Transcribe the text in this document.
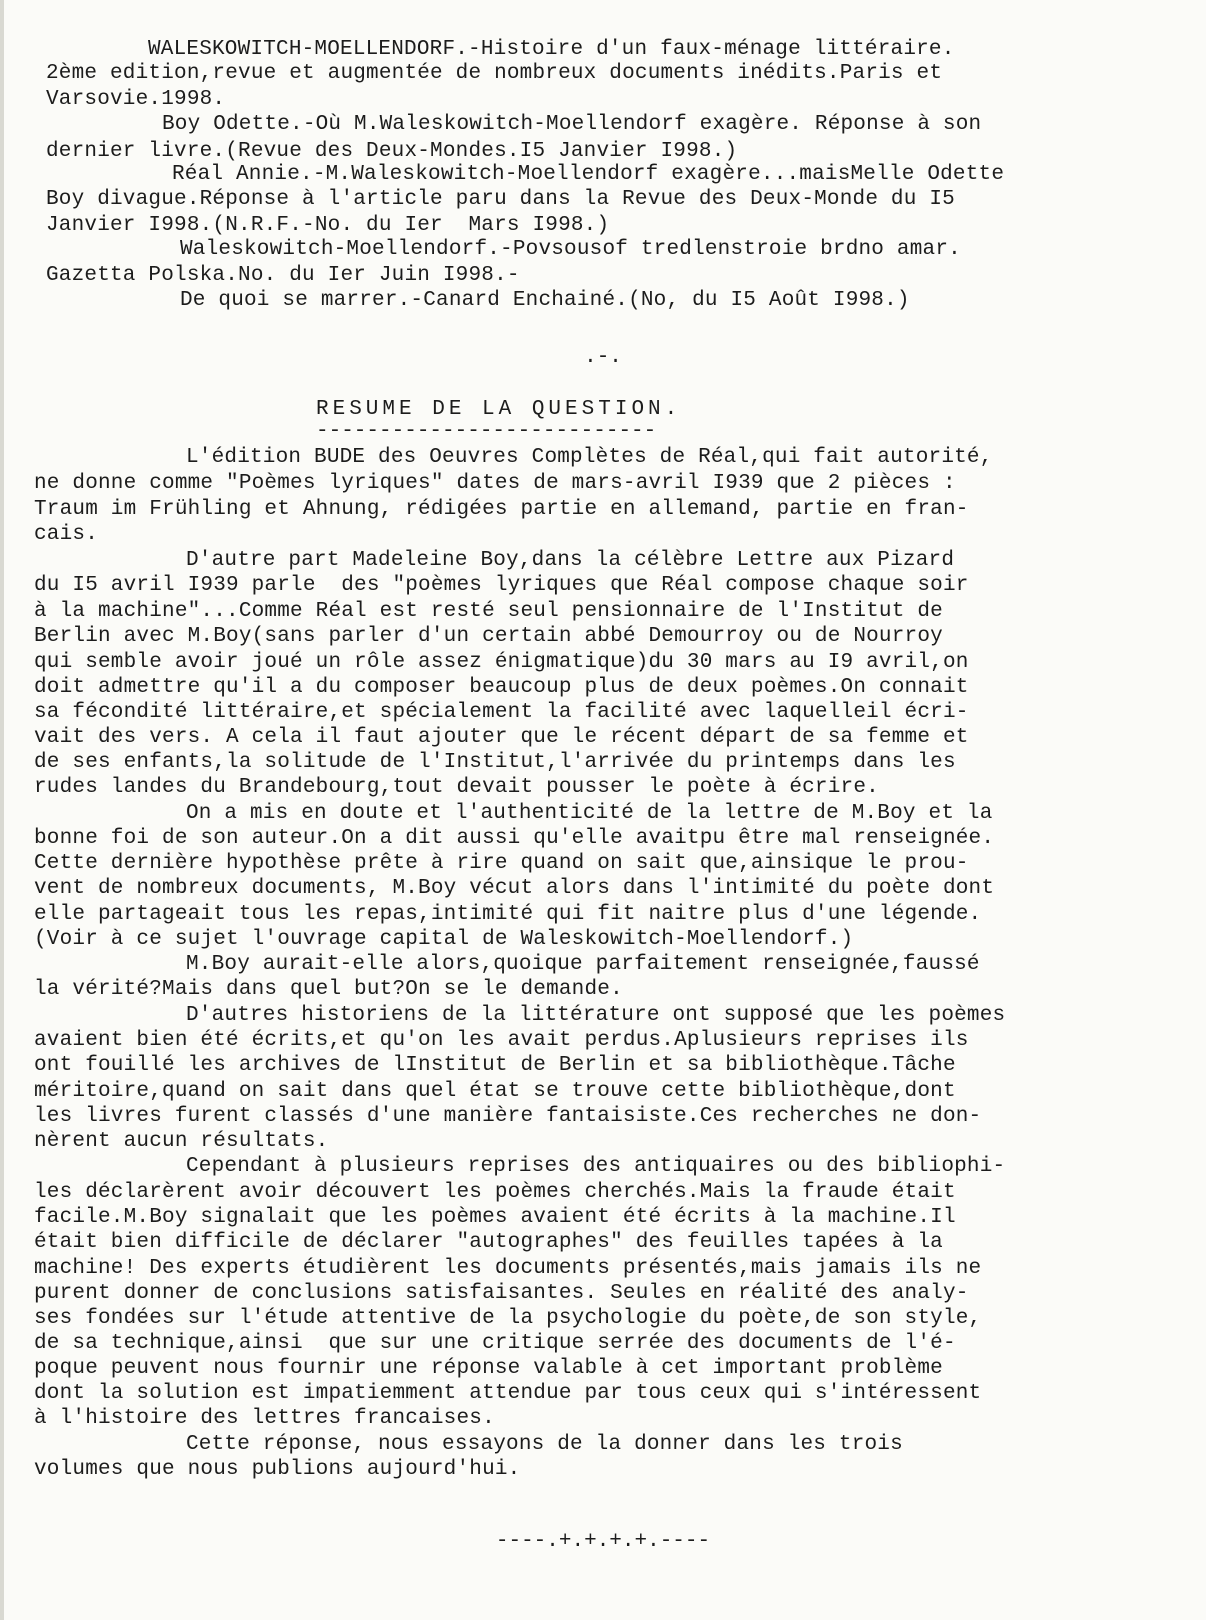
WALESKOWITCH-MOELLENDORF.-Histoire d'un faux-ménage littéraire.
2ème edition,revue et augmentée de nombreux documents inédits.Paris et
Varsovie.1998.
Boy Odette.-Où M.Waleskowitch-Moellendorf exagère. Réponse à son
dernier livre.(Revue des Deux-Mondes.I5 Janvier I998.)
Réal Annie.-M.Waleskowitch-Moellendorf exagère...maisMelle Odette
Boy divague.Réponse à l'article paru dans la Revue des Deux-Monde du I5
Janvier I998.(N.R.F.-No. du Ier  Mars I998.)
Waleskowitch-Moellendorf.-Povsousof tredlenstroie brdno amar.
Gazetta Polska.No. du Ier Juin I998.-
De quoi se marrer.-Canard Enchainé.(No, du I5 Août I998.)
.-.
RESUME DE LA QUESTION.
---------------------------
L'édition BUDE des Oeuvres Complètes de Réal,qui fait autorité,
ne donne comme "Poèmes lyriques" dates de mars-avril I939 que 2 pièces :
Traum im Frühling et Ahnung, rédigées partie en allemand, partie en fran-
cais.
D'autre part Madeleine Boy,dans la célèbre Lettre aux Pizard
du I5 avril I939 parle  des "poèmes lyriques que Réal compose chaque soir
à la machine"...Comme Réal est resté seul pensionnaire de l'Institut de
Berlin avec M.Boy(sans parler d'un certain abbé Demourroy ou de Nourroy
qui semble avoir joué un rôle assez énigmatique)du 30 mars au I9 avril,on
doit admettre qu'il a du composer beaucoup plus de deux poèmes.On connait
sa fécondité littéraire,et spécialement la facilité avec laquelleil écri-
vait des vers. A cela il faut ajouter que le récent départ de sa femme et
de ses enfants,la solitude de l'Institut,l'arrivée du printemps dans les
rudes landes du Brandebourg,tout devait pousser le poète à écrire.
On a mis en doute et l'authenticité de la lettre de M.Boy et la
bonne foi de son auteur.On a dit aussi qu'elle avaitpu être mal renseignée.
Cette dernière hypothèse prête à rire quand on sait que,ainsique le prou-
vent de nombreux documents, M.Boy vécut alors dans l'intimité du poète dont
elle partageait tous les repas,intimité qui fit naitre plus d'une légende.
(Voir à ce sujet l'ouvrage capital de Waleskowitch-Moellendorf.)
M.Boy aurait-elle alors,quoique parfaitement renseignée,faussé
la vérité?Mais dans quel but?On se le demande.
D'autres historiens de la littérature ont supposé que les poèmes
avaient bien été écrits,et qu'on les avait perdus.Aplusieurs reprises ils
ont fouillé les archives de lInstitut de Berlin et sa bibliothèque.Tâche
méritoire,quand on sait dans quel état se trouve cette bibliothèque,dont
les livres furent classés d'une manière fantaisiste.Ces recherches ne don-
nèrent aucun résultats.
Cependant à plusieurs reprises des antiquaires ou des bibliophi-
les déclarèrent avoir découvert les poèmes cherchés.Mais la fraude était
facile.M.Boy signalait que les poèmes avaient été écrits à la machine.Il
était bien difficile de déclarer "autographes" des feuilles tapées à la
machine! Des experts étudièrent les documents présentés,mais jamais ils ne
purent donner de conclusions satisfaisantes. Seules en réalité des analy-
ses fondées sur l'étude attentive de la psychologie du poète,de son style,
de sa technique,ainsi  que sur une critique serrée des documents de l'é-
poque peuvent nous fournir une réponse valable à cet important problème
dont la solution est impatiemment attendue par tous ceux qui s'intéressent
à l'histoire des lettres francaises.
Cette réponse, nous essayons de la donner dans les trois
volumes que nous publions aujourd'hui.
----.+.+.+.+.----
